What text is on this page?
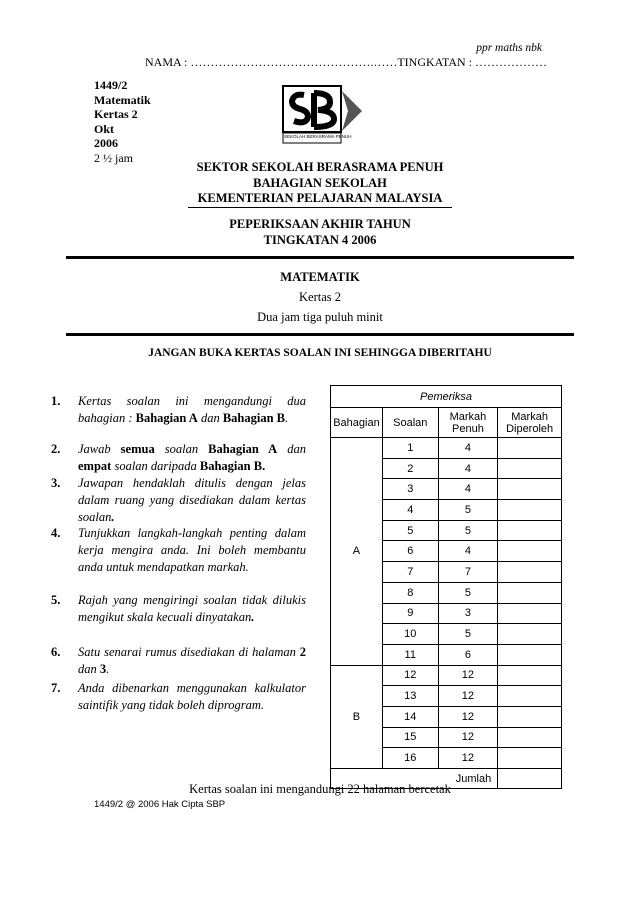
ppr maths nbk
NAMA : ……………………………………….……TINGKATAN : ………………
1449/2
Matematik
Kertas 2
Okt
2006
2 ½ jam
SEKOLAH BERASRAMA PENUH
SEKTOR SEKOLAH BERASRAMA PENUH
BAHAGIAN SEKOLAH
KEMENTERIAN PELAJARAN MALAYSIA
PEPERIKSAAN AKHIR TAHUN
TINGKATAN 4 2006
MATEMATIK
Kertas 2
Dua jam tiga puluh minit
JANGAN BUKA KERTAS SOALAN INI SEHINGGA DIBERITAHU
1. Kertas soalan ini mengandungi dua bahagian : Bahagian A dan Bahagian B.
2. Jawab semua soalan Bahagian A dan empat soalan daripada Bahagian B.
3. Jawapan hendaklah ditulis dengan jelas dalam ruang yang disediakan dalam kertas soalan.
4. Tunjukkan langkah-langkah penting dalam kerja mengira anda. Ini boleh membantu anda untuk mendapatkan markah.
5. Rajah yang mengiringi soalan tidak dilukis mengikut skala kecuali dinyatakan.
6. Satu senarai rumus disediakan di halaman 2 dan 3.
7. Anda dibenarkan menggunakan kalkulator saintifik yang tidak boleh diprogram.
Pemeriksa			
Bahagian	Soalan	Markah Penuh	Markah Diperoleh
A	1	4	
	2	4	
	3	4	
	4	5	
	5	5	
	6	4	
	7	7	
	8	5	
	9	3	
	10	5	
	11	6	
B	12	12	
	13	12	
	14	12	
	15	12	
	16	12	
Jumlah			
Kertas soalan ini mengandungi 22 halaman bercetak
1449/2 @ 2006 Hak Cipta SBP
